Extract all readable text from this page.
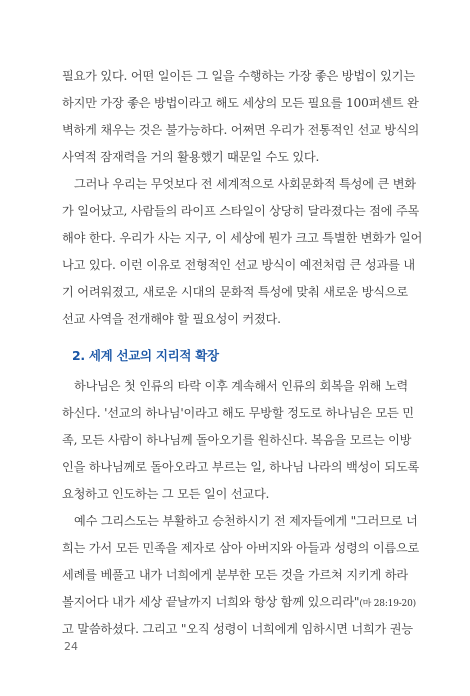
필요가 있다. 어떤 일이든 그 일을 수행하는 가장 좋은 방법이 있기는
하지만 가장 좋은 방법이라고 해도 세상의 모든 필요를 100퍼센트 완
벽하게 채우는 것은 불가능하다. 어쩌면 우리가 전통적인 선교 방식의
사역적 잠재력을 거의 활용했기 때문일 수도 있다.
그러나 우리는 무엇보다 전 세계적으로 사회문화적 특성에 큰 변화
가 일어났고, 사람들의 라이프 스타일이 상당히 달라졌다는 점에 주목
해야 한다. 우리가 사는 지구, 이 세상에 뭔가 크고 특별한 변화가 일어
나고 있다. 이런 이유로 전형적인 선교 방식이 예전처럼 큰 성과를 내
기 어려워졌고, 새로운 시대의 문화적 특성에 맞춰 새로운 방식으로
선교 사역을 전개해야 할 필요성이 커졌다.
2. 세계 선교의 지리적 확장
하나님은 첫 인류의 타락 이후 계속해서 인류의 회복을 위해 노력
하신다. '선교의 하나님'이라고 해도 무방할 정도로 하나님은 모든 민
족, 모든 사람이 하나님께 돌아오기를 원하신다. 복음을 모르는 이방
인을 하나님께로 돌아오라고 부르는 일, 하나님 나라의 백성이 되도록
요청하고 인도하는 그 모든 일이 선교다.
예수 그리스도는 부활하고 승천하시기 전 제자들에게 "그러므로 너
희는 가서 모든 민족을 제자로 삼아 아버지와 아들과 성령의 이름으로
세례를 베풀고 내가 너희에게 분부한 모든 것을 가르쳐 지키게 하라
볼지어다 내가 세상 끝날까지 너희와 항상 함께 있으리라"(마 28:19-20)
고 말씀하셨다. 그리고 "오직 성령이 너희에게 임하시면 너희가 권능
24
